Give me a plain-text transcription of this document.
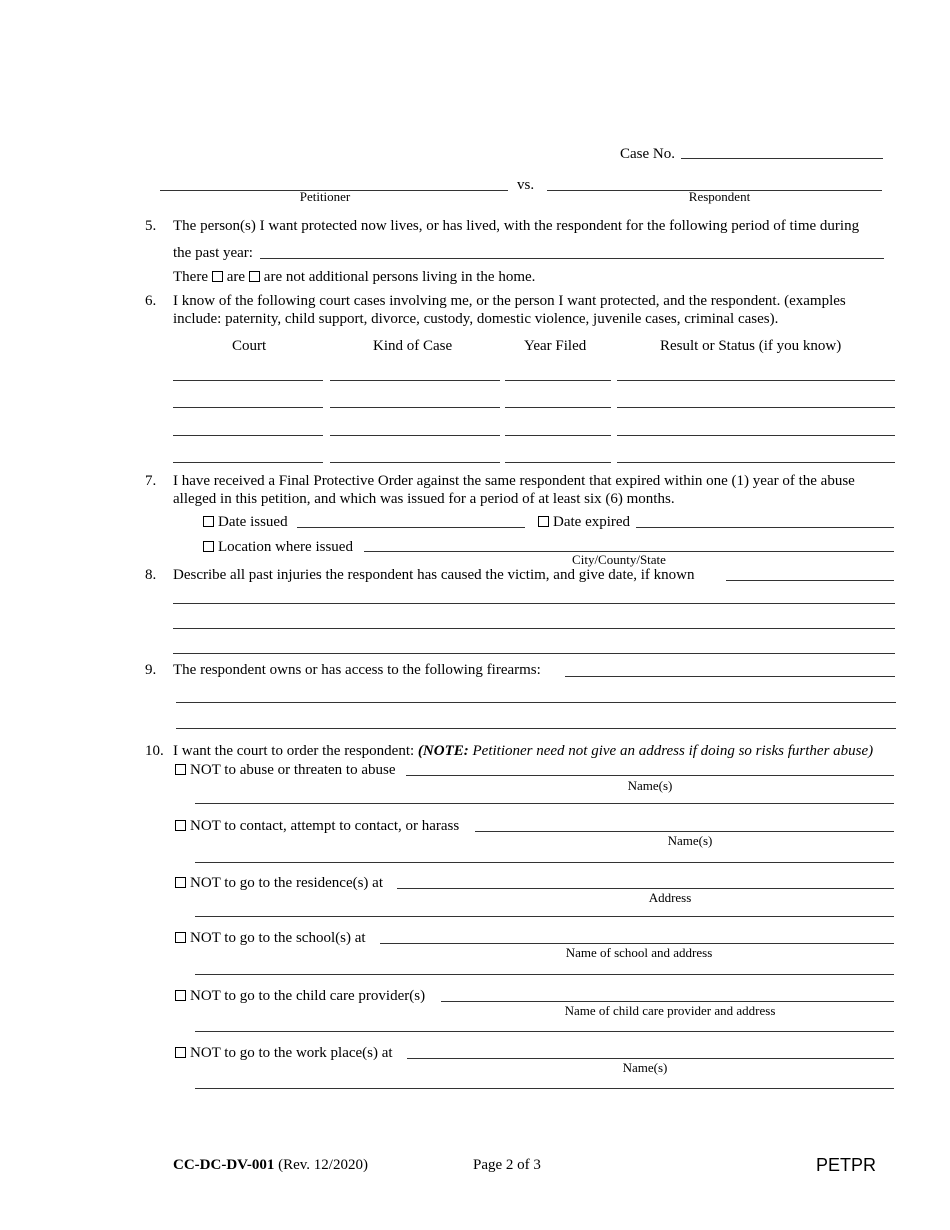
Case No.
vs.
Petitioner	Respondent
5. The person(s) I want protected now lives, or has lived, with the respondent for the following period of time during
the past year:
There are are not additional persons living in the home.
6. I know of the following court cases involving me, or the person I want protected, and the respondent. (examples
include: paternity, child support, divorce, custody, domestic violence, juvenile cases, criminal cases).
Court	Kind of Case	Year Filed	Result or Status (if you know)
7. I have received a Final Protective Order against the same respondent that expired within one (1) year of the abuse
alleged in this petition, and which was issued for a period of at least six (6) months.
Date issued	Date expired
Location where issued
City/County/State
8. Describe all past injuries the respondent has caused the victim, and give date, if known
9. The respondent owns or has access to the following firearms:
10. I want the court to order the respondent: (NOTE: Petitioner need not give an address if doing so risks further abuse)
NOT to abuse or threaten to abuse
Name(s)
NOT to contact, attempt to contact, or harass
Name(s)
NOT to go to the residence(s) at
Address
NOT to go to the school(s) at
Name of school and address
NOT to go to the child care provider(s)
Name of child care provider and address
NOT to go to the work place(s) at
Name(s)
CC-DC-DV-001 (Rev. 12/2020)	Page 2 of 3	PETPR
